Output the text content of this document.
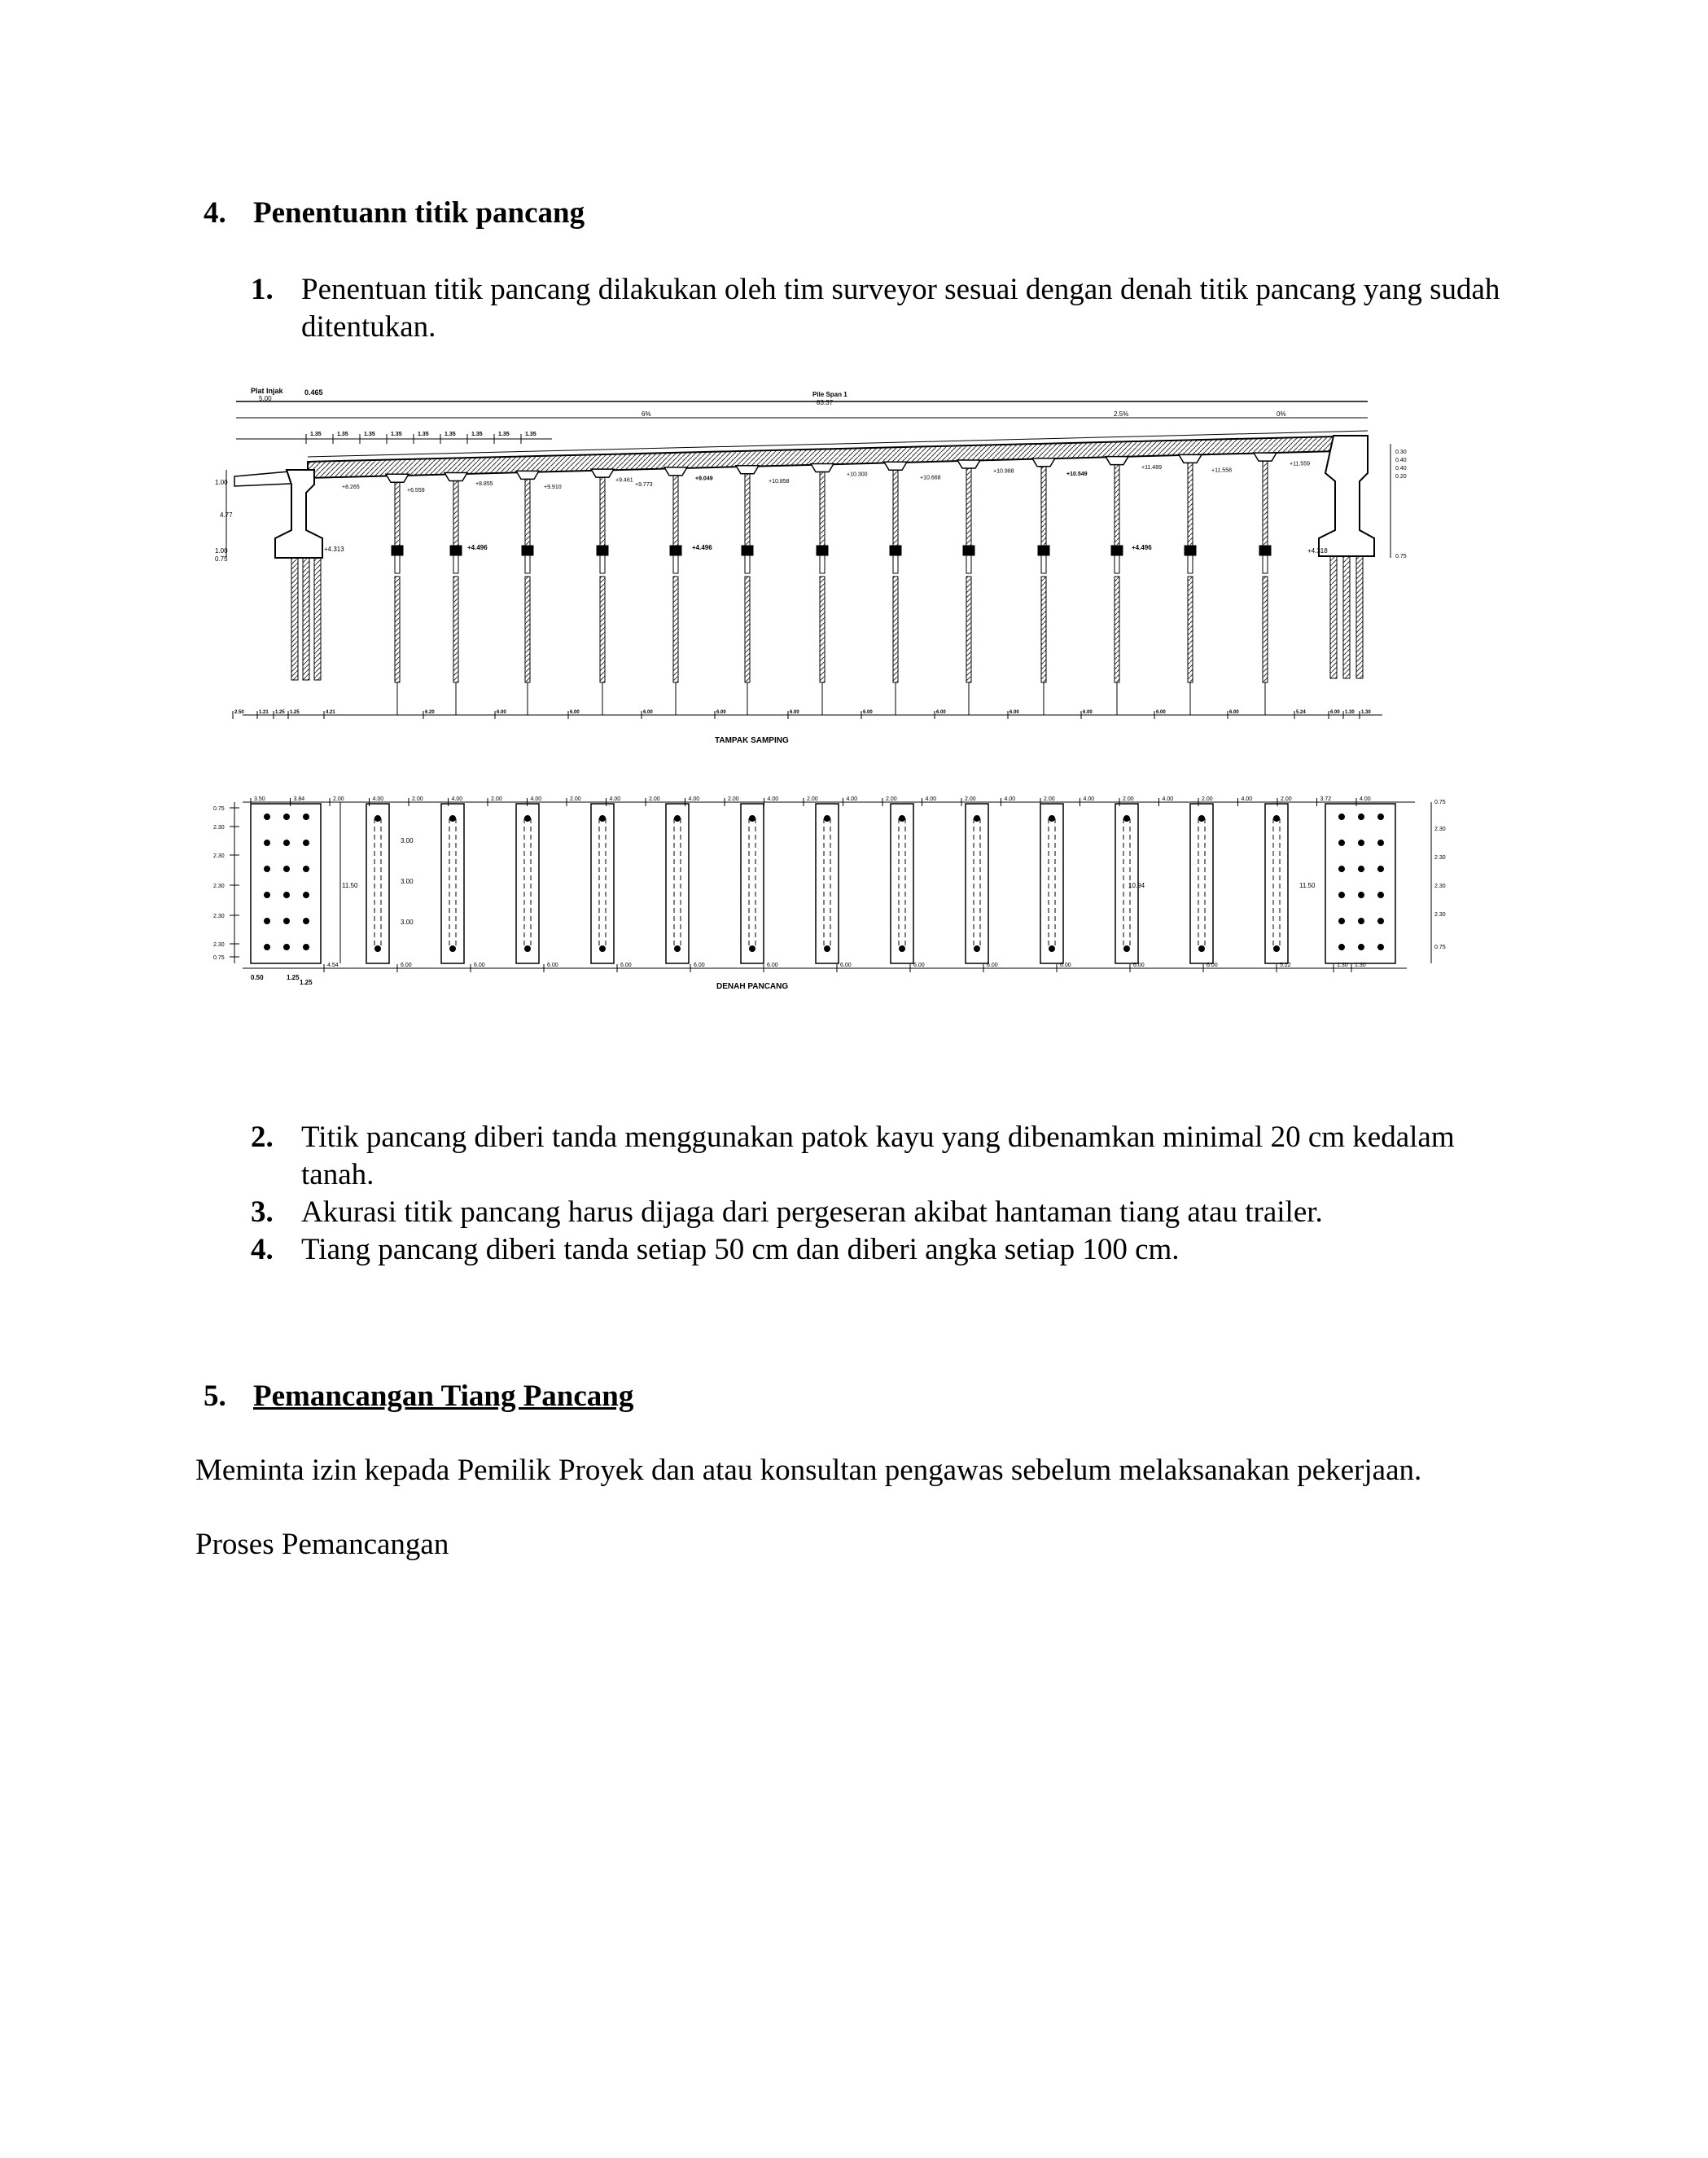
4. Penentuann titik pancang
1. Penentuan titik pancang dilakukan oleh tim surveyor sesuai dengan denah titik pancang yang sudah ditentukan.
Plat Injak
5.00
0.465	Pile Span 1
83.37
6%	2.5%	0%
1.35	1.35	1.35	1.35	1.35	1.35	1.35	1.35	1.35
1.00
4.77
1.00
0.75
0.30
0.40
0.40
0.20
0.75
2.50	1.21 1.25 1.25	4.21	6.20	6.00	6.00	6.00	6.00	6.00	6.00	6.00	6.00	6.00	6.00	6.00	5.24	6.00 1.30 1.30
+8.265
+6.559
+8.855
+9.910
+9.461
+9.773
+9.049
+10.858
+10.300
+10.668
+10.988
+10.549
+11.489
+11.558
+11.559
+4.313	+4.496	+4.496	+4.496	+4.318
TAMPAK SAMPING
3.50	3.84	2.00	4.00	2.00	4.00	2.00	4.00	2.00	4.00	2.00	4.00	2.00	4.00	2.00	4.00	2.00	4.00	2.00	4.00	2.00	4.00	2.00	4.00	2.00	4.00	2.00	3.72	4.00
0.75
2.30
2.30
2.30
2.30
2.30
0.75
11.50
3.00
3.00
3.00
10.94	11.50
0.75
2.30
2.30
2.30
2.30
0.75
4.54	6.00	6.00	6.00	6.00	6.00	6.00	6.00	6.00	6.00	6.00	6.00	6.00	5.22	1.30 1.30
0.50	1.25
1.25	DENAH PANCANG
2. Titik pancang diberi tanda menggunakan patok kayu yang dibenamkan minimal 20 cm kedalam tanah.
3. Akurasi titik pancang harus dijaga dari pergeseran akibat hantaman tiang atau trailer.
4. Tiang pancang diberi tanda setiap 50 cm dan diberi angka setiap 100 cm.
5. Pemancangan Tiang Pancang
Meminta izin kepada Pemilik Proyek dan atau konsultan pengawas sebelum melaksanakan pekerjaan.
Proses Pemancangan
